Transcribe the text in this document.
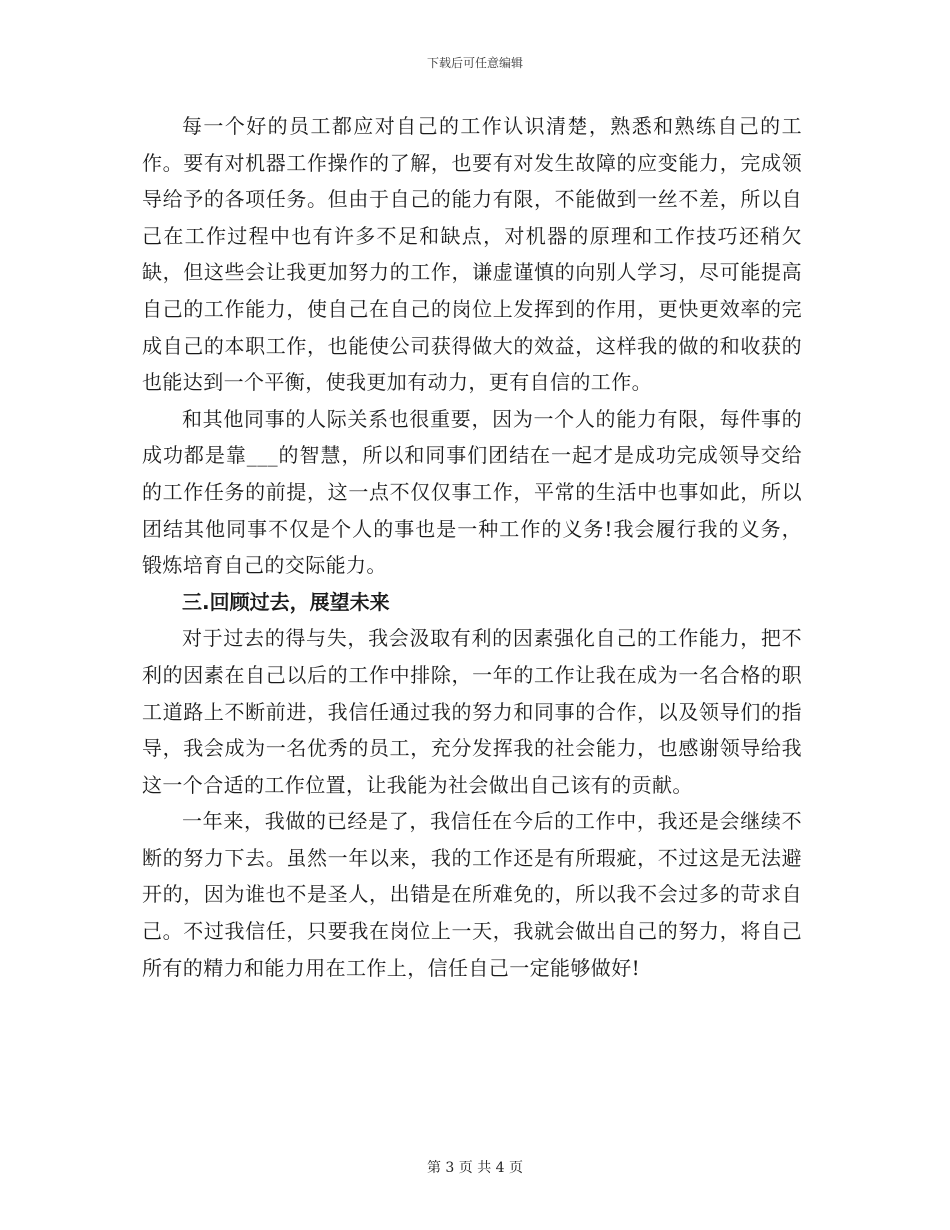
下载后可任意编辑

每一个好的员工都应对自己的工作认识清楚，熟悉和熟练自己的工作。要有对机器工作操作的了解，也要有对发生故障的应变能力，完成领导给予的各项任务。但由于自己的能力有限，不能做到一丝不差，所以自己在工作过程中也有许多不足和缺点，对机器的原理和工作技巧还稍欠缺，但这些会让我更加努力的工作，谦虚谨慎的向别人学习，尽可能提高自己的工作能力，使自己在自己的岗位上发挥到的作用，更快更效率的完成自己的本职工作，也能使公司获得做大的效益，这样我的做的和收获的也能达到一个平衡，使我更加有动力，更有自信的工作。

和其他同事的人际关系也很重要，因为一个人的能力有限，每件事的成功都是靠___的智慧，所以和同事们团结在一起才是成功完成领导交给的工作任务的前提，这一点不仅仅事工作，平常的生活中也事如此，所以团结其他同事不仅是个人的事也是一种工作的义务!我会履行我的义务，锻炼培育自己的交际能力。

三.回顾过去，展望未来

对于过去的得与失，我会汲取有利的因素强化自己的工作能力，把不利的因素在自己以后的工作中排除，一年的工作让我在成为一名合格的职工道路上不断前进，我信任通过我的努力和同事的合作，以及领导们的指导，我会成为一名优秀的员工，充分发挥我的社会能力，也感谢领导给我这一个合适的工作位置，让我能为社会做出自己该有的贡献。

一年来，我做的已经是了，我信任在今后的工作中，我还是会继续不断的努力下去。虽然一年以来，我的工作还是有所瑕疵，不过这是无法避开的，因为谁也不是圣人，出错是在所难免的，所以我不会过多的苛求自己。不过我信任，只要我在岗位上一天，我就会做出自己的努力，将自己所有的精力和能力用在工作上，信任自己一定能够做好!

第 3 页 共 4 页
